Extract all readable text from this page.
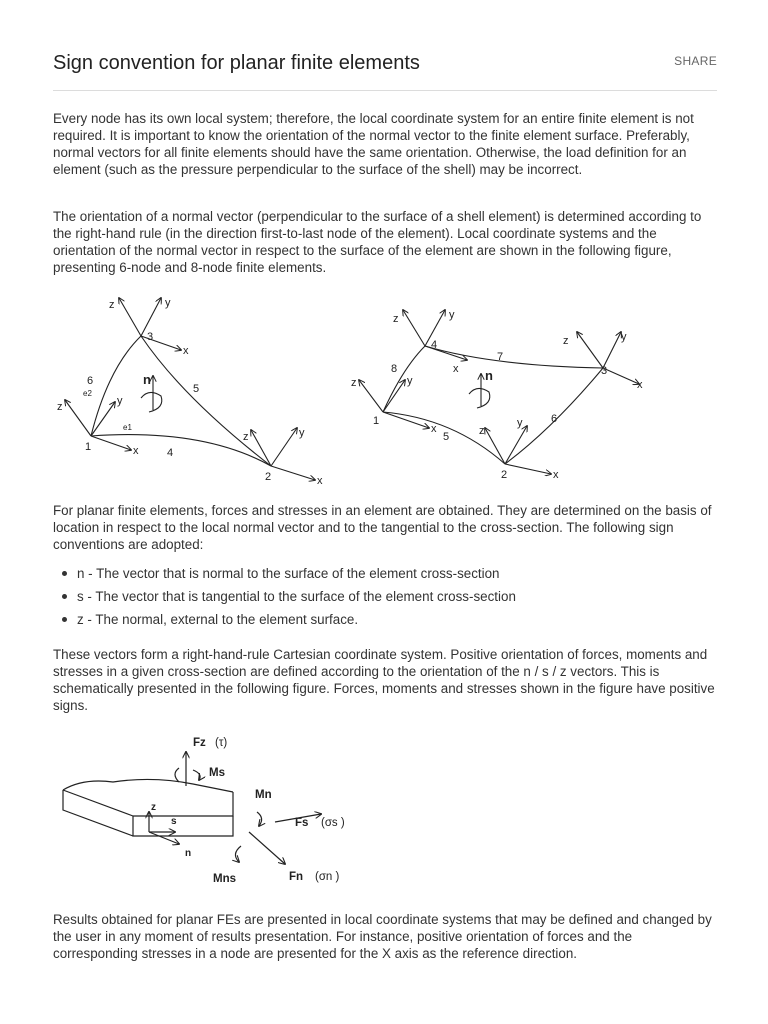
Sign convention for planar finite elements	SHARE

Every node has its own local system; therefore, the local coordinate system for an entire finite element is not required. It is important to know the orientation of the normal vector to the finite element surface. Preferably, normal vectors for all finite elements should have the same orientation. Otherwise, the load definition for an element (such as the pressure perpendicular to the surface of the shell) may be incorrect.

The orientation of a normal vector (perpendicular to the surface of a shell element) is determined according to the right-hand rule (in the direction first-to-last node of the element). Local coordinate systems and the orientation of the normal vector in respect to the surface of the element are shown in the following figure, presenting 6-node and 8-node finite elements.

1
2
3
4
5
6
z	y
x
z	y
x
z	y
x
n
e1
e2
1
2
3
4
5
6
7
8
z	y
x
z	y
x
z	y
x
z
y
x
n

For planar finite elements, forces and stresses in an element are obtained. They are determined on the basis of location in respect to the local normal vector and to the tangential to the cross-section. The following sign conventions are adopted:

n - The vector that is normal to the surface of the element cross-section
s - The vector that is tangential to the surface of the element cross-section
z - The normal, external to the element surface.

These vectors form a right-hand-rule Cartesian coordinate system. Positive orientation of forces, moments and stresses in a given cross-section are defined according to the orientation of the n / s / z vectors. This is schematically presented in the following figure. Forces, moments and stresses shown in the figure have positive signs.

Fz (τ)
Ms
Mn
Fs (σs )
Fn (σn )
Mns
z
s
n

Results obtained for planar FEs are presented in local coordinate systems that may be defined and changed by the user in any moment of results presentation. For instance, positive orientation of forces and the corresponding stresses in a node are presented for the X axis as the reference direction.
